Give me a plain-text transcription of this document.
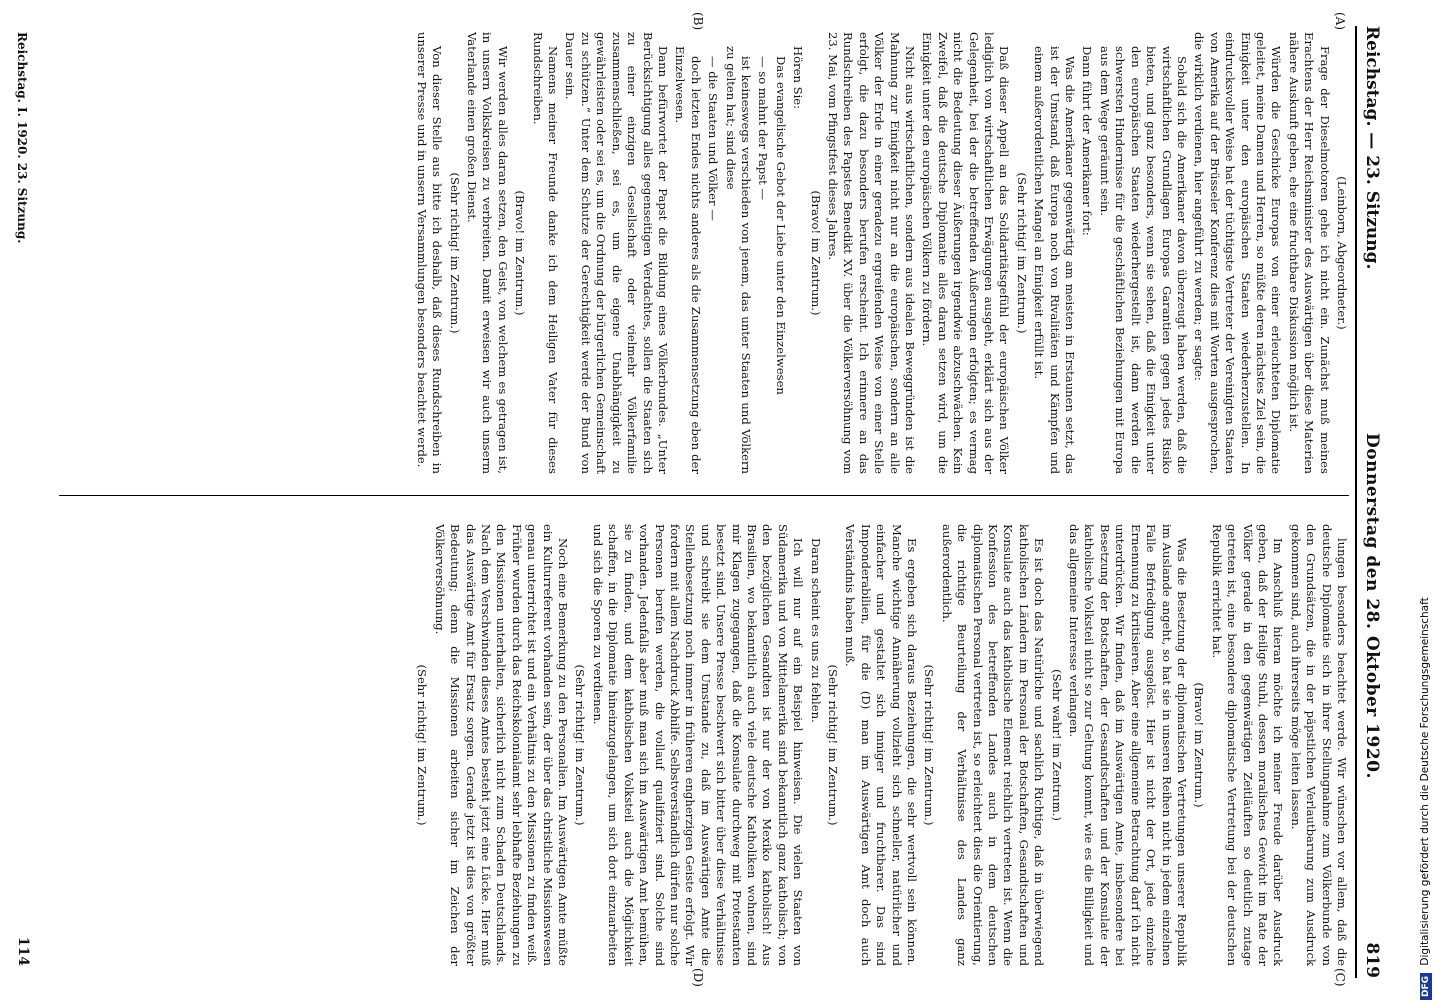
Reichstag. — 23. Sitzung.
Donnerstag den 28. Oktober 1920.
819
(A)
(B)
(C)
(D)

(Leinborn, Abgeordneter.)

Frage der Dieselmotoren gehe ich nicht ein. Zunächst muß meines Erachtens der Herr Reichsminister des Auswärtigen über diese Materien nähere Auskunft geben, ehe eine fruchtbare Diskussion möglich ist.

Würden die Geschicke Europas von einer erleuchteten Diplomatie geleitet, meine Damen und Herren, so müßte deren nächstes Ziel sein, die Einigkeit unter den europäischen Staaten wiederherzustellen. In eindrucksvoller Weise hat der tüchtigste Vertreter der Vereinigten Staaten von Amerika auf der Brüsseler Konferenz dies mit Worten ausgesprochen, die wirklich verdienen, hier angeführt zu werden; er sagte:

Sobald sich die Amerikaner davon überzeugt haben werden, daß die wirtschaftlichen Grundlagen Europas Garantien gegen jedes Risiko bieten, und ganz besonders, wenn sie sehen, daß die Einigkeit unter den europäischen Staaten wiederhergestellt ist, dann werden die schwersten Hindernisse für die geschäftlichen Beziehungen mit Europa aus dem Wege geräumt sein.

Dann führt der Amerikaner fort:

Was die Amerikaner gegenwärtig am meisten in Erstaunen setzt, das ist der Umstand, daß Europa noch von Rivalitäten und Kämpfen und einem außerordentlichen Mangel an Einigkeit erfüllt ist.

(Sehr richtig! im Zentrum.)

Daß dieser Appell an das Solidaritätsgefühl der europäischen Völker lediglich von wirtschaftlichen Erwägungen ausgeht, erklärt sich aus der Gelegenheit, bei der die betreffenden Äußerungen erfolgten; es vermag nicht die Bedeutung dieser Äußerungen irgendwie abzuschwächen. Kein Zweifel, daß die deutsche Diplomatie alles daran setzen wird, um die Einigkeit unter den europäischen Völkern zu fördern.

Nicht aus wirtschaftlichen, sondern aus idealen Beweggründen ist die Mahnung zur Einigkeit nicht nur an die europäischen, sondern an alle Völker der Erde in einer geradezu ergreifenden Weise von einer Stelle erfolgt, die dazu besonders berufen erscheint. Ich erinnere an das Rundschreiben des Papstes Benedikt XV. über die Völkerversöhnung vom 23. Mai, vom Pfingstfest dieses Jahres.

(Bravo! im Zentrum.)

Hören Sie:

Das evangelische Gebot der Liebe unter den Einzelwesen

— so mahnt der Papst —

ist keineswegs verschieden von jenem, das unter Staaten und Völkern zu gelten hat; sind diese

— die Staaten und Völker —

doch letzten Endes nichts anderes als die Zusammensetzung eben der Einzelwesen.

Dann befürwortet der Papst die Bildung eines Völkerbundes. „Unter Berücksichtigung alles gegenseitigen Verdachtes, sollen die Staaten sich zu einer einzigen Gesellschaft oder vielmehr Völkerfamilie zusammenschließen, sei es, um die eigene Unabhängigkeit zu gewährleisten oder sei es, um die Ordnung der bürgerlichen Gemeinschaft zu schützen.“ Unter dem Schutze der Gerechtigkeit werde der Bund von Dauer sein.

Namens meiner Freunde danke ich dem Heiligen Vater für dieses Rundschreiben.

(Bravo! im Zentrum.)

Wir werden alles daran setzen, den Geist, von welchem es getragen ist, in unsern Volkskreisen zu verbreiten. Damit erweisen wir auch unserm Vaterlande einen großen Dienst.

(Sehr richtig! im Zentrum.)

Von dieser Stelle aus bitte ich deshalb, daß dieses Rundschreiben in unserer Presse und in unsern Versammlungen besonders beachtet werde.

lungen besonders beachtet werde. Wir wünschen vor allem, daß die deutsche Diplomatie sich in ihrer Stellungnahme zum Völkerbunde von den Grundsätzen, die in der päpstlichen Verlautbarung zum Ausdruck gekommen sind, auch ihrerseits möge leiten lassen.

Im Anschluß hieran möchte ich meiner Freude darüber Ausdruck geben, daß der Heilige Stuhl, dessen moralisches Gewicht im Rate der Völker gerade in den gegenwärtigen Zeitläuften so deutlich zutage getreten ist, eine besondere diplomatische Vertretung bei der deutschen Republik errichtet hat.

(Bravo! im Zentrum.)

Was die Besetzung der diplomatischen Vertretungen unserer Republik im Auslande angeht, so hat sie in unseren Reihen nicht in jedem einzelnen Falle Befriedigung ausgelöst. Hier ist nicht der Ort, jede einzelne Ernennung zu kritisieren. Aber eine allgemeine Betrachtung darf ich nicht unterdrücken. Wir finden, daß im Auswärtigen Amte, insbesondere bei Besetzung der Botschaften, der Gesandtschaften und der Konsulate der katholische Volksteil nicht so zur Geltung kommt, wie es die Billigkeit und das allgemeine Interesse verlangen.

(Sehr wahr! im Zentrum.)

Es ist doch das Natürliche und sachlich Richtige, daß in überwiegend katholischen Ländern im Personal der Botschaften, Gesandtschaften und Konsulate auch das katholische Element reichlich vertreten ist. Wenn die Konfession des betreffenden Landes auch in dem deutschen diplomatischen Personal vertreten ist, so erleichtert dies die Orientierung, die richtige Beurteilung der Verhältnisse des Landes ganz außerordentlich.

(Sehr richtig! im Zentrum.)

Es ergeben sich daraus Beziehungen, die sehr wertvoll sein können. Manche wichtige Annäherung vollzieht sich schneller, natürlicher und einfacher und gestaltet sich inniger und fruchtbarer. Das sind Imponderabilien, für die (D) man im Auswärtigen Amt doch auch Verständnis haben muß.

(Sehr richtig! im Zentrum.)

Daran scheint es uns zu fehlen.

Ich will nur auf ein Beispiel hinweisen. Die vielen Staaten von Südamerika und von Mittelamerika sind bekanntlich ganz katholisch; von den bezüglichen Gesandten ist nur der von Mexiko katholisch! Aus Brasilien, wo bekanntlich auch viele deutsche Katholiken wohnen, sind mir Klagen zugegangen, daß die Konsulate durchweg mit Protestanten besetzt sind. Unsere Presse beschwert sich bitter über diese Verhältnisse und schreibt sie dem Umstande zu, daß im Auswärtigen Amte die Stellenbesetzung noch immer in früheren engherzigen Geiste erfolgt. Wir fordern mit allem Nachdruck Abhilfe. Selbstverständlich dürfen nur solche Personen berufen werden, die vollauf qualifiziert sind. Solche sind vorhanden. Jedenfalls aber muß man sich im Auswärtigen Amt bemühen, sie zu finden, und dem katholischen Volksteil auch die Möglichkeit schaffen, in die Diplomatie hineinzugelangen, um sich dort einzuarbeiten und sich die Sporen zu verdienen.

(Sehr richtig! im Zentrum.)

Noch eine Bemerkung zu den Personalien. Im Auswärtigen Amte müßte ein Kulturreferent vorhanden sein, der über das christliche Missionswesen genau unterrichtet ist und ein Verhältnis zu den Missionen zu finden weiß. Früher wurden durch das Reichskolonialamt sehr lebhafte Beziehungen zu den Missionen unterhalten, sicherlich nicht zum Schaden Deutschlands. Nach dem Verschwinden dieses Amtes besteht jetzt eine Lücke. Hier muß das Auswärtige Amt für Ersatz sorgen. Gerade jetzt ist dies von größter Bedeutung; denn die Missionen arbeiten sicher im Zeichen der Völkerversöhnung.

(Sehr richtig! im Zentrum.)

Reichstag. I. 1920. 23. Sitzung.
114
DFG Digitalisierung gefördert durch die Deutsche Forschungsgemeinschaft
